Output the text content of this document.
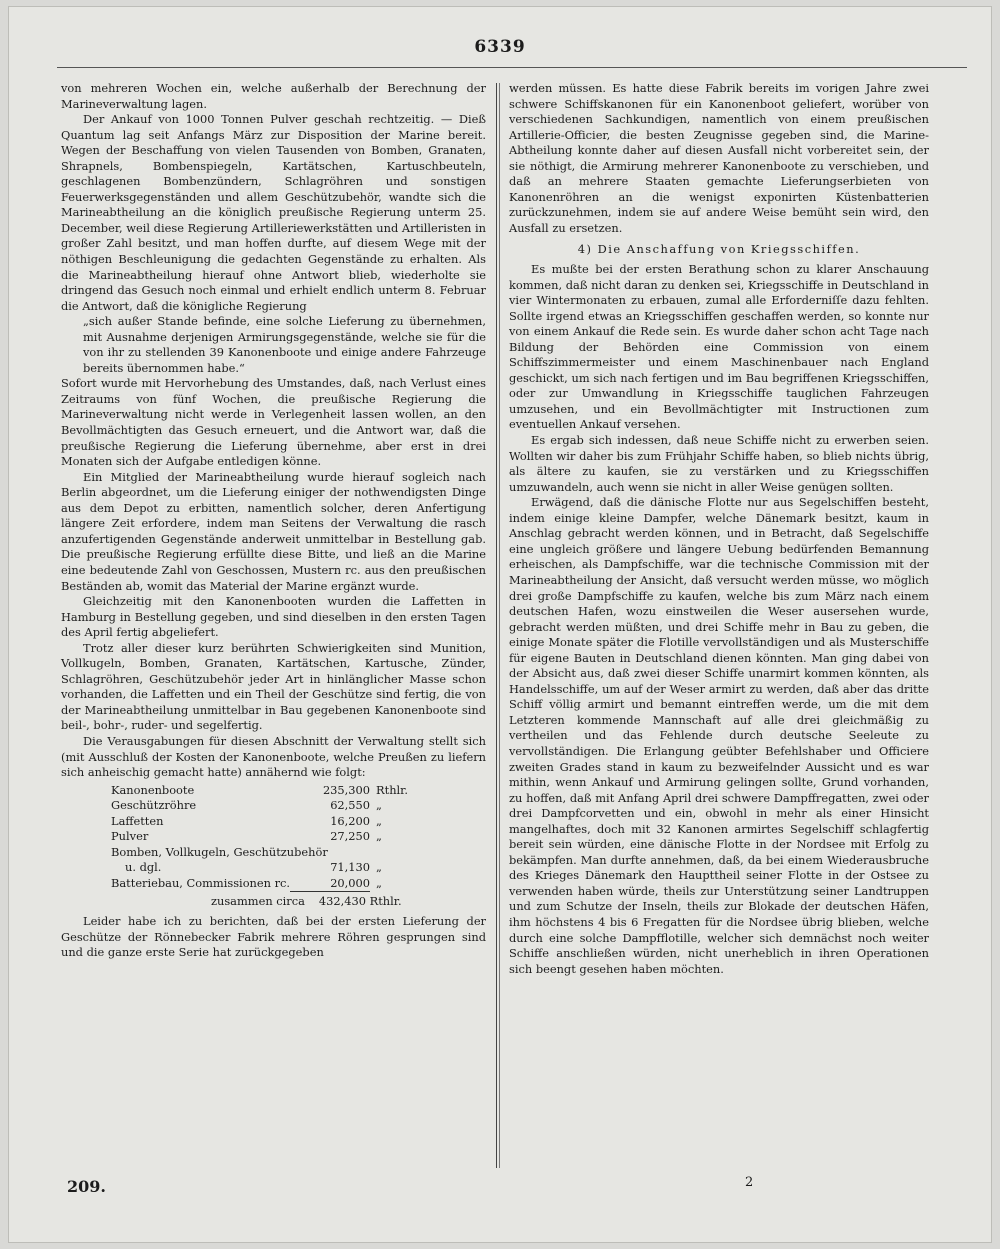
6339

von mehreren Wochen ein, welche außerhalb der Berechnung der Marineverwaltung lagen.

Der Ankauf von 1000 Tonnen Pulver geschah rechtzeitig. — Dieß Quantum lag seit Anfangs März zur Disposition der Marine bereit. Wegen der Beschaffung von vielen Tausenden von Bomben, Granaten, Shrapnels, Bombenspiegeln, Kartätschen, Kartuschbeuteln, geschlagenen Bombenzündern, Schlagröhren und sonstigen Feuerwerksgegenständen und allem Geschützubehör, wandte sich die Marineabtheilung an die königlich preußische Regierung unterm 25. December, weil diese Regierung Artilleriewerkstätten und Artilleristen in großer Zahl besitzt, und man hoffen durfte, auf diesem Wege mit der nöthigen Beschleunigung die gedachten Gegenstände zu erhalten. Als die Marineabtheilung hierauf ohne Antwort blieb, wiederholte sie dringend das Gesuch noch einmal und erhielt endlich unterm 8. Februar die Antwort, daß die königliche Regierung

„sich außer Stande befinde, eine solche Lieferung zu übernehmen, mit Ausnahme derjenigen Armirungsgegenstände, welche sie für die von ihr zu stellenden 39 Kanonenboote und einige andere Fahrzeuge bereits übernommen habe.“

Sofort wurde mit Hervorhebung des Umstandes, daß, nach Verlust eines Zeitraums von fünf Wochen, die preußische Regierung die Marineverwaltung nicht werde in Verlegenheit lassen wollen, an den Bevollmächtigten das Gesuch erneuert, und die Antwort war, daß die preußische Regierung die Lieferung übernehme, aber erst in drei Monaten sich der Aufgabe entledigen könne.

Ein Mitglied der Marineabtheilung wurde hierauf sogleich nach Berlin abgeordnet, um die Lieferung einiger der nothwendigsten Dinge aus dem Depot zu erbitten, namentlich solcher, deren Anfertigung längere Zeit erfordere, indem man Seitens der Verwaltung die rasch anzufertigenden Gegenstände anderweit unmittelbar in Bestellung gab. Die preußische Regierung erfüllte diese Bitte, und ließ an die Marine eine bedeutende Zahl von Geschossen, Mustern rc. aus den preußischen Beständen ab, womit das Material der Marine ergänzt wurde.

Gleichzeitig mit den Kanonenbooten wurden die Laffetten in Hamburg in Bestellung gegeben, und sind dieselben in den ersten Tagen des April fertig abgeliefert.

Trotz aller dieser kurz berührten Schwierigkeiten sind Munition, Vollkugeln, Bomben, Granaten, Kartätschen, Kartusche, Zünder, Schlagröhren, Geschützubehör jeder Art in hinlänglicher Masse schon vorhanden, die Laffetten und ein Theil der Geschütze sind fertig, die von der Marineabtheilung unmittelbar in Bau gegebenen Kanonenboote sind beil-, bohr-, ruder- und segelfertig.

Die Verausgabungen für diesen Abschnitt der Verwaltung stellt sich (mit Ausschluß der Kosten der Kanonenboote, welche Preußen zu liefern sich anheischig gemacht hatte) annähernd wie folgt:

Kanonenboote	235,300	Rthlr.
Geschützröhre	62,550	„
Laffetten	16,200	„
Pulver	27,250	„
Bomben, Vollkugeln, Geschützubehör		
u. dgl.	71,130	„
Batteriebau, Commissionen rc.	20,000	„

zusammen circa 432,430 Rthlr.

Leider habe ich zu berichten, daß bei der ersten Lieferung der Geschütze der Rönnebecker Fabrik mehrere Röhren gesprungen sind und die ganze erste Serie hat zurückgegeben

werden müssen. Es hatte diese Fabrik bereits im vorigen Jahre zwei schwere Schiffskanonen für ein Kanonenboot geliefert, worüber von verschiedenen Sachkundigen, namentlich von einem preußischen Artillerie-Officier, die besten Zeugnisse gegeben sind, die Marine-Abtheilung konnte daher auf diesen Ausfall nicht vorbereitet sein, der sie nöthigt, die Armirung mehrerer Kanonenboote zu verschieben, und daß an mehrere Staaten gemachte Lieferungserbieten von Kanonenröhren an die wenigst exponirten Küstenbatterien zurückzunehmen, indem sie auf andere Weise bemüht sein wird, den Ausfall zu ersetzen.

4) Die Anschaffung von Kriegsschiffen.

Es mußte bei der ersten Berathung schon zu klarer Anschauung kommen, daß nicht daran zu denken sei, Kriegsschiffe in Deutschland in vier Wintermonaten zu erbauen, zumal alle Erforderniſſe dazu fehlten. Sollte irgend etwas an Kriegsschiffen geschaffen werden, so konnte nur von einem Ankauf die Rede sein. Es wurde daher schon acht Tage nach Bildung der Behörden eine Commission von einem Schiffszimmermeister und einem Maschinenbauer nach England geschickt, um sich nach fertigen und im Bau begriffenen Kriegsschiffen, oder zur Umwandlung in Kriegsschiffe tauglichen Fahrzeugen umzusehen, und ein Bevollmächtigter mit Instructionen zum eventuellen Ankauf versehen.

Es ergab sich indessen, daß neue Schiffe nicht zu erwerben seien. Wollten wir daher bis zum Frühjahr Schiffe haben, so blieb nichts übrig, als ältere zu kaufen, sie zu verstärken und zu Kriegsschiffen umzuwandeln, auch wenn sie nicht in aller Weise genügen sollten.

Erwägend, daß die dänische Flotte nur aus Segelschiffen besteht, indem einige kleine Dampfer, welche Dänemark besitzt, kaum in Anschlag gebracht werden können, und in Betracht, daß Segelschiffe eine ungleich größere und längere Uebung bedürfenden Bemannung erheischen, als Dampfschiffe, war die technische Commission mit der Marineabtheilung der Ansicht, daß versucht werden müsse, wo möglich drei große Dampfschiffe zu kaufen, welche bis zum März nach einem deutschen Hafen, wozu einstweilen die Weser ausersehen wurde, gebracht werden müßten, und drei Schiffe mehr in Bau zu geben, die einige Monate später die Flotille vervollständigen und als Musterschiffe für eigene Bauten in Deutschland dienen könnten. Man ging dabei von der Absicht aus, daß zwei dieser Schiffe unarmirt kommen könnten, als Handelsschiffe, um auf der Weser armirt zu werden, daß aber das dritte Schiff völlig armirt und bemannt eintreffen werde, um die mit dem Letzteren kommende Mannschaft auf alle drei gleichmäßig zu vertheilen und das Fehlende durch deutsche Seeleute zu vervollständigen. Die Erlangung geübter Befehlshaber und Officiere zweiten Grades stand in kaum zu bezweifelnder Aussicht und es war mithin, wenn Ankauf und Armirung gelingen sollte, Grund vorhanden, zu hoffen, daß mit Anfang April drei schwere Dampffregatten, zwei oder drei Dampfcorvetten und ein, obwohl in mehr als einer Hinsicht mangelhaftes, doch mit 32 Kanonen armirtes Segelschiff schlagfertig bereit sein würden, eine dänische Flotte in der Nordsee mit Erfolg zu bekämpfen. Man durfte annehmen, daß, da bei einem Wiederausbruche des Krieges Dänemark den Haupttheil seiner Flotte in der Ostsee zu verwenden haben würde, theils zur Unterstützung seiner Landtruppen und zum Schutze der Inseln, theils zur Blokade der deutschen Häfen, ihm höchstens 4 bis 6 Fregatten für die Nordsee übrig blieben, welche durch eine solche Dampfflotille, welcher sich demnächst noch weiter Schiffe anschließen würden, nicht unerheblich in ihren Operationen sich beengt gesehen haben möchten.

209.	2
